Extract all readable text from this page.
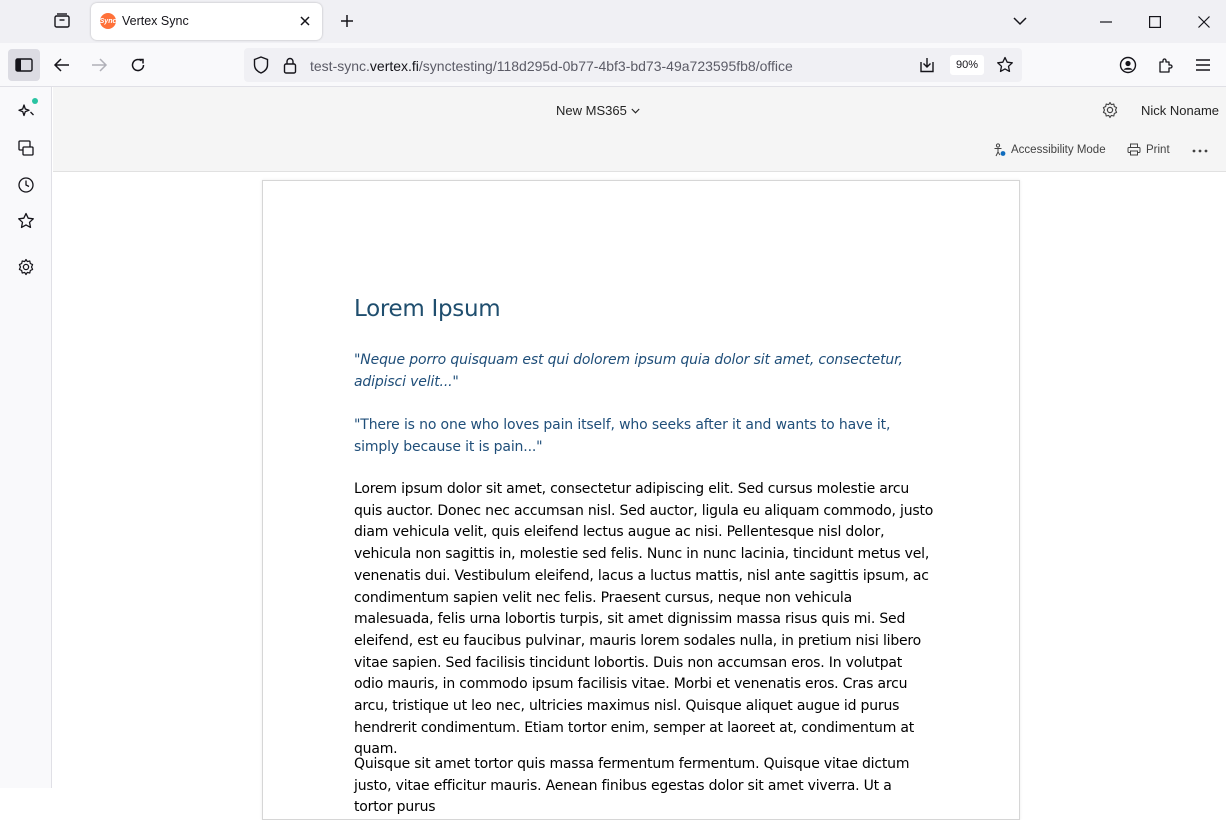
Sync Vertex Sync
test-sync.vertex.fi/synctesting/118d295d-0b77-4bf3-bd73-49a723595fb8/office	90%
New MS365	Nick Noname
Accessibility Mode	Print
Lorem Ipsum

"Neque porro quisquam est qui dolorem ipsum quia dolor sit amet, consectetur, adipisci velit..."

"There is no one who loves pain itself, who seeks after it and wants to have it, simply because it is pain..."

Lorem ipsum dolor sit amet, consectetur adipiscing elit. Sed cursus molestie arcu quis auctor. Donec nec accumsan nisl. Sed auctor, ligula eu aliquam commodo, justo diam vehicula velit, quis eleifend lectus augue ac nisi. Pellentesque nisl dolor, vehicula non sagittis in, molestie sed felis. Nunc in nunc lacinia, tincidunt metus vel, venenatis dui. Vestibulum eleifend, lacus a luctus mattis, nisl ante sagittis ipsum, ac condimentum sapien velit nec felis. Praesent cursus, neque non vehicula malesuada, felis urna lobortis turpis, sit amet dignissim massa risus quis mi. Sed eleifend, est eu faucibus pulvinar, mauris lorem sodales nulla, in pretium nisi libero vitae sapien. Sed facilisis tincidunt lobortis. Duis non accumsan eros. In volutpat odio mauris, in commodo ipsum facilisis vitae. Morbi et venenatis eros. Cras arcu arcu, tristique ut leo nec, ultricies maximus nisl. Quisque aliquet augue id purus hendrerit condimentum. Etiam tortor enim, semper at laoreet at, condimentum at quam.

Quisque sit amet tortor quis massa fermentum fermentum. Quisque vitae dictum justo, vitae efficitur mauris. Aenean finibus egestas dolor sit amet viverra. Ut a tortor purus
